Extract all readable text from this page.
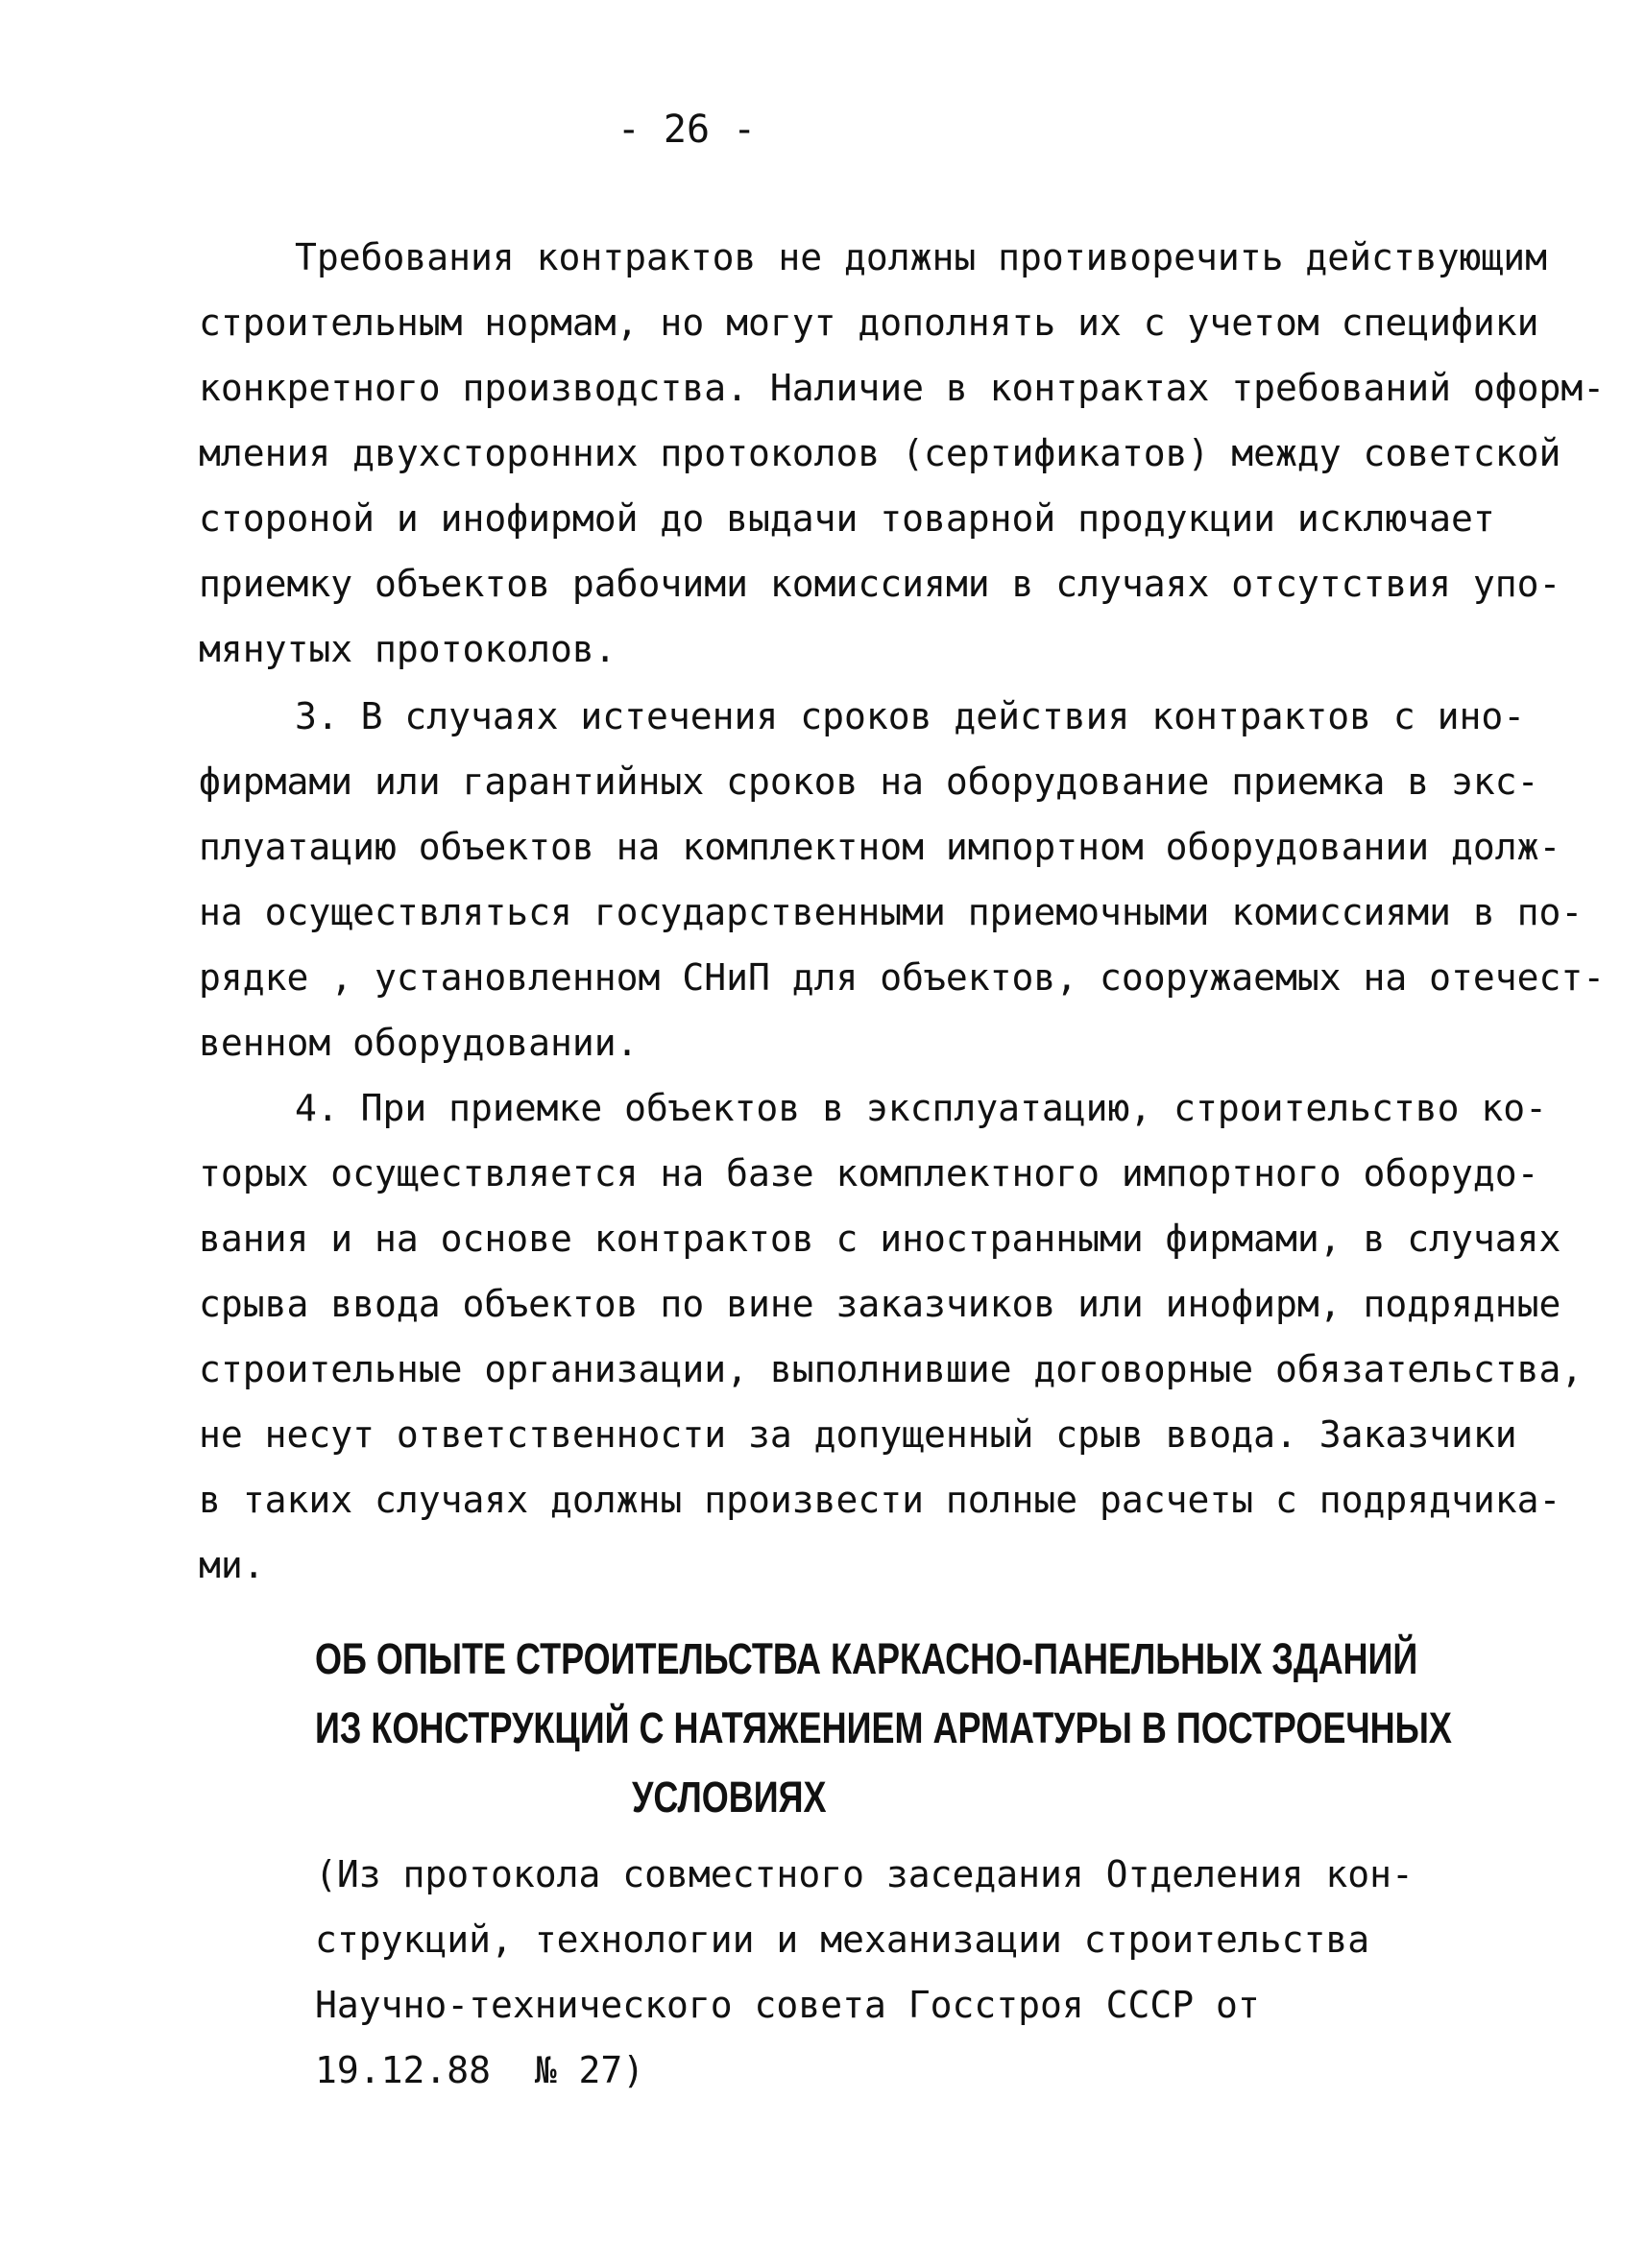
- 26 -
Требования контрактов не должны противоречить действующим
строительным нормам, но могут дополнять их с учетом специфики
конкретного производства. Наличие в контрактах требований оформ-
мления двухсторонних протоколов (сертификатов) между советской
стороной и инофирмой до выдачи товарной продукции исключает
приемку объектов рабочими комиссиями в случаях отсутствия упо-
мянутых протоколов.
3. В случаях истечения сроков действия контрактов с ино-
фирмами или гарантийных сроков на оборудование приемка в экс-
плуатацию объектов на комплектном импортном оборудовании долж-
на осуществляться государственными приемочными комиссиями в по-
рядке , установленном СНиП для объектов, сооружаемых на отечест-
венном оборудовании.
4. При приемке объектов в эксплуатацию, строительство ко-
торых осуществляется на базе комплектного импортного оборудо-
вания и на основе контрактов с иностранными фирмами, в случаях
срыва ввода объектов по вине заказчиков или инофирм, подрядные
строительные организации, выполнившие договорные обязательства,
не несут ответственности за допущенный срыв ввода. Заказчики
в таких случаях должны произвести полные расчеты с подрядчика-
ми.
ОБ ОПЫТЕ СТРОИТЕЛЬСТВА КАРКАСНО-ПАНЕЛЬНЫХ ЗДАНИЙ
ИЗ КОНСТРУКЦИЙ С НАТЯЖЕНИЕМ АРМАТУРЫ В ПОСТРОЕЧНЫХ
УСЛОВИЯХ
(Из протокола совместного заседания Отделения кон-
струкций, технологии и механизации строительства
Научно-технического совета Госстроя СССР от
19.12.88  № 27)
